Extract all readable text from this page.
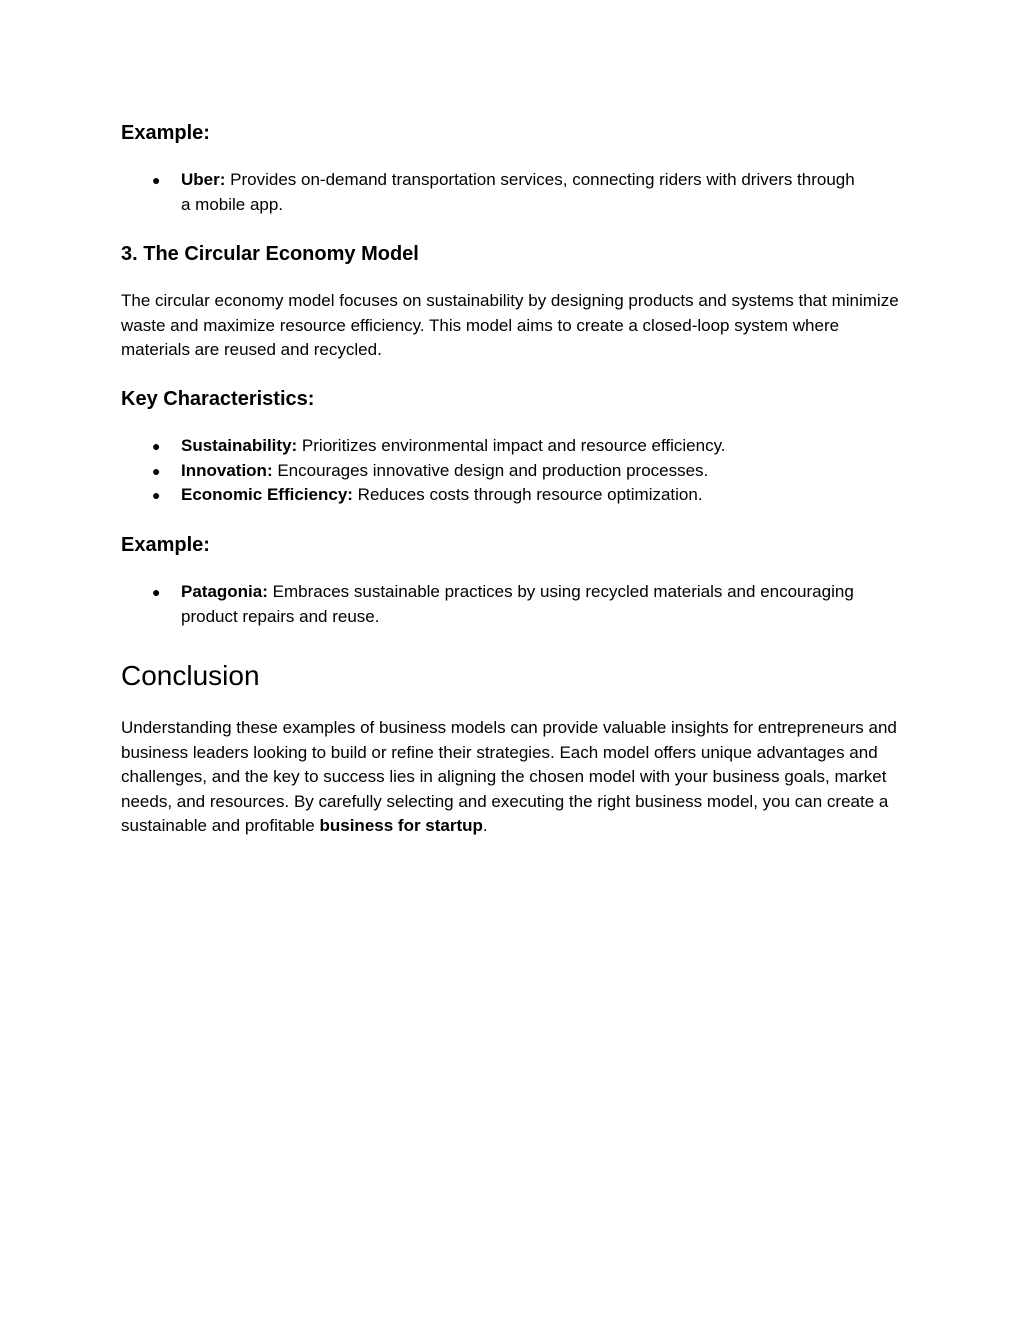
Example:
● Uber: Provides on-demand transportation services, connecting riders with drivers through a mobile app.
3. The Circular Economy Model

The circular economy model focuses on sustainability by designing products and systems that minimize waste and maximize resource efficiency. This model aims to create a closed-loop system where materials are reused and recycled.

Key Characteristics:
● Sustainability: Prioritizes environmental impact and resource efficiency.
● Innovation: Encourages innovative design and production processes.
● Economic Efficiency: Reduces costs through resource optimization.
Example:
● Patagonia: Embraces sustainable practices by using recycled materials and encouraging product repairs and reuse.
Conclusion

Understanding these examples of business models can provide valuable insights for entrepreneurs and business leaders looking to build or refine their strategies. Each model offers unique advantages and challenges, and the key to success lies in aligning the chosen model with your business goals, market needs, and resources. By carefully selecting and executing the right business model, you can create a sustainable and profitable business for startup.
